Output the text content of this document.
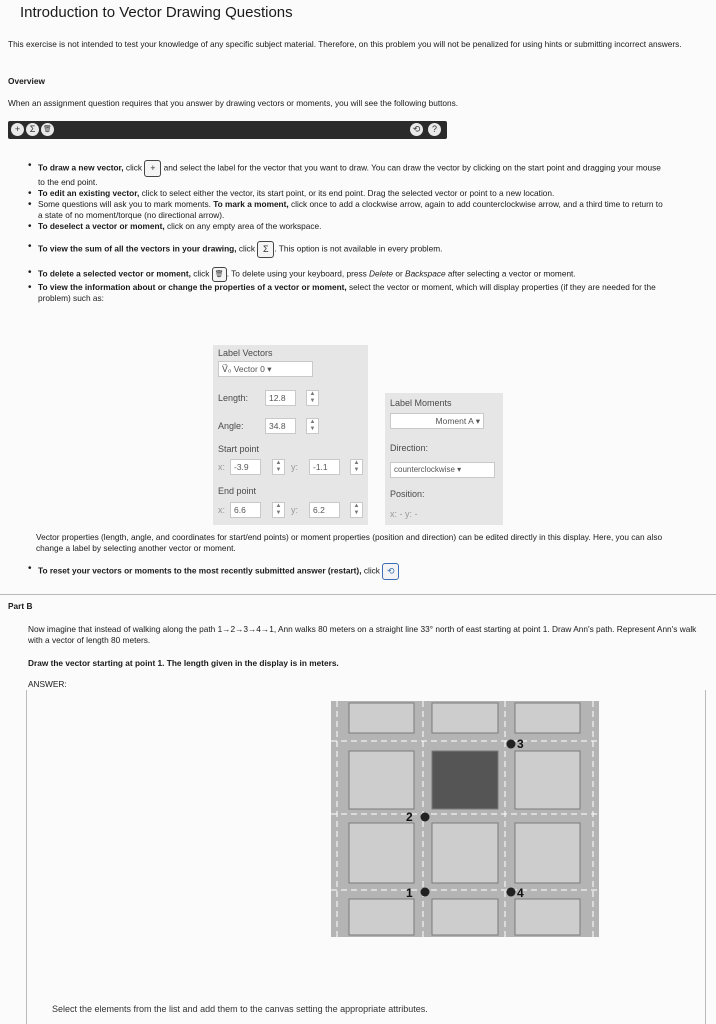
Introduction to Vector Drawing Questions
This exercise is not intended to test your knowledge of any specific subject material. Therefore, on this problem you will not be penalized for using hints or submitting incorrect answers.
Overview
When an assignment question requires that you answer by drawing vectors or moments, you will see the following buttons.
+	Σ	🗑	⟲	?
• To draw a new vector, click + and select the label for the vector that you want to draw. You can draw the vector by clicking on the start point and dragging your mouse to the end point.
• To edit an existing vector, click to select either the vector, its start point, or its end point. Drag the selected vector or point to a new location.
• Some questions will ask you to mark moments. To mark a moment, click once to add a clockwise arrow, again to add counterclockwise arrow, and a third time to return to a state of no moment/torque (no directional arrow).
• To deselect a vector or moment, click on any empty area of the workspace.
• To view the sum of all the vectors in your drawing, click Σ . This option is not available in every problem.
• To delete a selected vector or moment, click 🗑 . To delete using your keyboard, press Delete or Backspace after selecting a vector or moment.
• To view the information about or change the properties of a vector or moment, select the vector or moment, which will display properties (if they are needed for the problem) such as:
Label Vectors
V⃗₀ Vector 0 ▾
Length:	12.8	▲
▼
Angle:	34.8	▲
▼
Start point
x:	-3.9	▲
▼	y:	-1.1	▲
▼
End point
x:	6.6	▲
▼	y:	6.2	▲
▼
Label Moments
Moment A ▾
Direction:
counterclockwise ▾
Position:
x: - y: -
Vector properties (length, angle, and coordinates for start/end points) or moment properties (position and direction) can be edited directly in this display. Here, you can also change a label by selecting another vector or moment.
• To reset your vectors or moments to the most recently submitted answer (restart), click ⟲
Part B
Now imagine that instead of walking along the path 1→2→3→4→1, Ann walks 80 meters on a straight line 33° north of east starting at point 1. Draw Ann's path. Represent Ann's walk with a vector of length 80 meters.
Draw the vector starting at point 1. The length given in the display is in meters.
ANSWER:
3
2
1	4
Select the elements from the list and add them to the canvas setting the appropriate attributes.
